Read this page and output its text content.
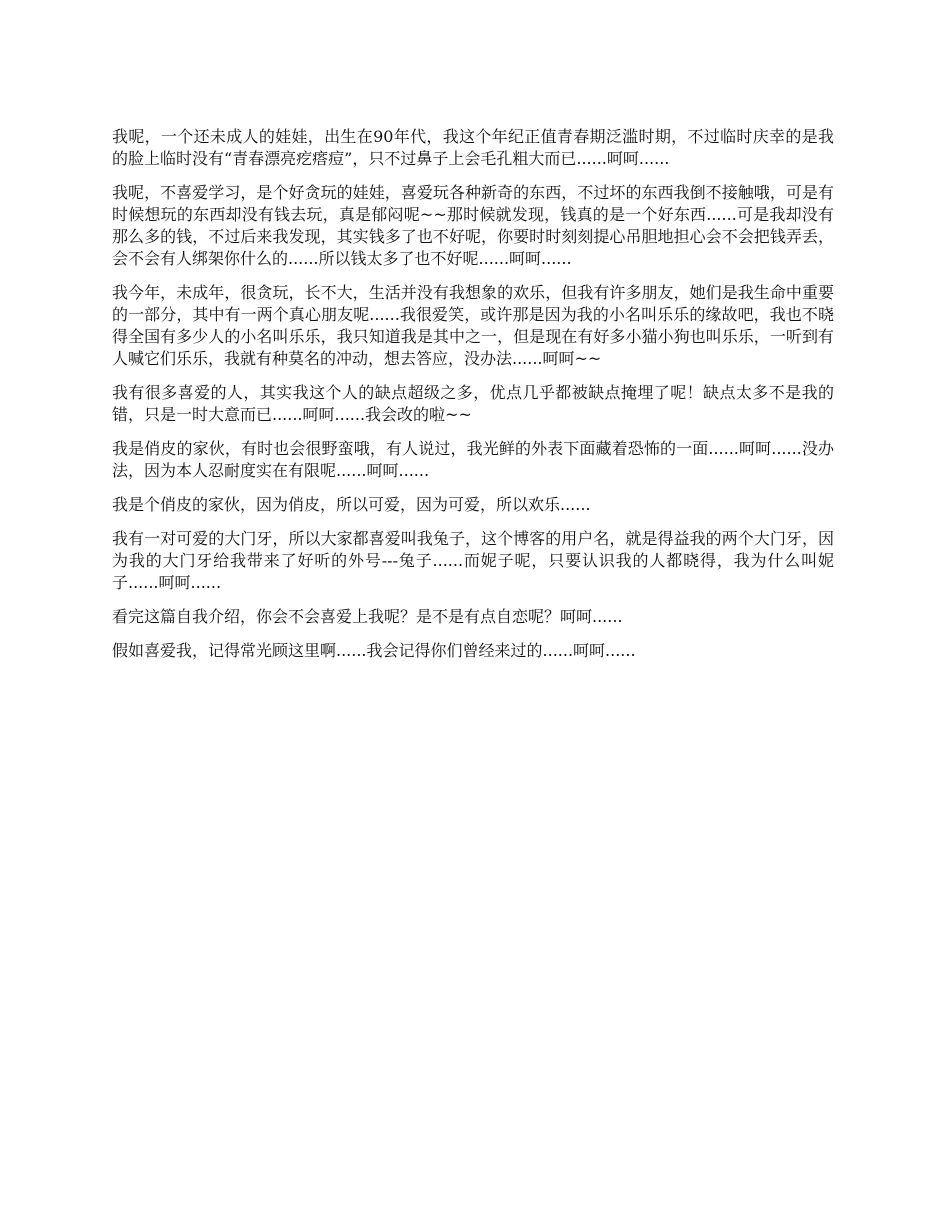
我呢，一个还未成人的娃娃，出生在90年代，我这个年纪正值青春期泛滥时期，不过临时庆幸的是我的脸上临时没有“青春漂亮疙瘩痘”，只不过鼻子上会毛孔粗大而已......呵呵......

我呢，不喜爱学习，是个好贪玩的娃娃，喜爱玩各种新奇的东西，不过坏的东西我倒不接触哦，可是有时候想玩的东西却没有钱去玩，真是郁闷呢~~那时候就发现，钱真的是一个好东西......可是我却没有那么多的钱，不过后来我发现，其实钱多了也不好呢，你要时时刻刻提心吊胆地担心会不会把钱弄丢，会不会有人绑架你什么的......所以钱太多了也不好呢......呵呵......

我今年，未成年，很贪玩，长不大，生活并没有我想象的欢乐，但我有许多朋友，她们是我生命中重要的一部分，其中有一两个真心朋友呢......我很爱笑，或许那是因为我的小名叫乐乐的缘故吧，我也不晓得全国有多少人的小名叫乐乐，我只知道我是其中之一，但是现在有好多小猫小狗也叫乐乐，一听到有人喊它们乐乐，我就有种莫名的冲动，想去答应，没办法......呵呵~~

我有很多喜爱的人，其实我这个人的缺点超级之多，优点几乎都被缺点掩埋了呢！缺点太多不是我的错，只是一时大意而已......呵呵......我会改的啦~~

我是俏皮的家伙，有时也会很野蛮哦，有人说过，我光鲜的外表下面藏着恐怖的一面......呵呵......没办法，因为本人忍耐度实在有限呢......呵呵......

我是个俏皮的家伙，因为俏皮，所以可爱，因为可爱，所以欢乐......

我有一对可爱的大门牙，所以大家都喜爱叫我兔子，这个博客的用户名，就是得益我的两个大门牙，因为我的大门牙给我带来了好听的外号---兔子......而妮子呢，只要认识我的人都晓得，我为什么叫妮子......呵呵......

看完这篇自我介绍，你会不会喜爱上我呢？是不是有点自恋呢？呵呵......

假如喜爱我，记得常光顾这里啊......我会记得你们曾经来过的......呵呵......
